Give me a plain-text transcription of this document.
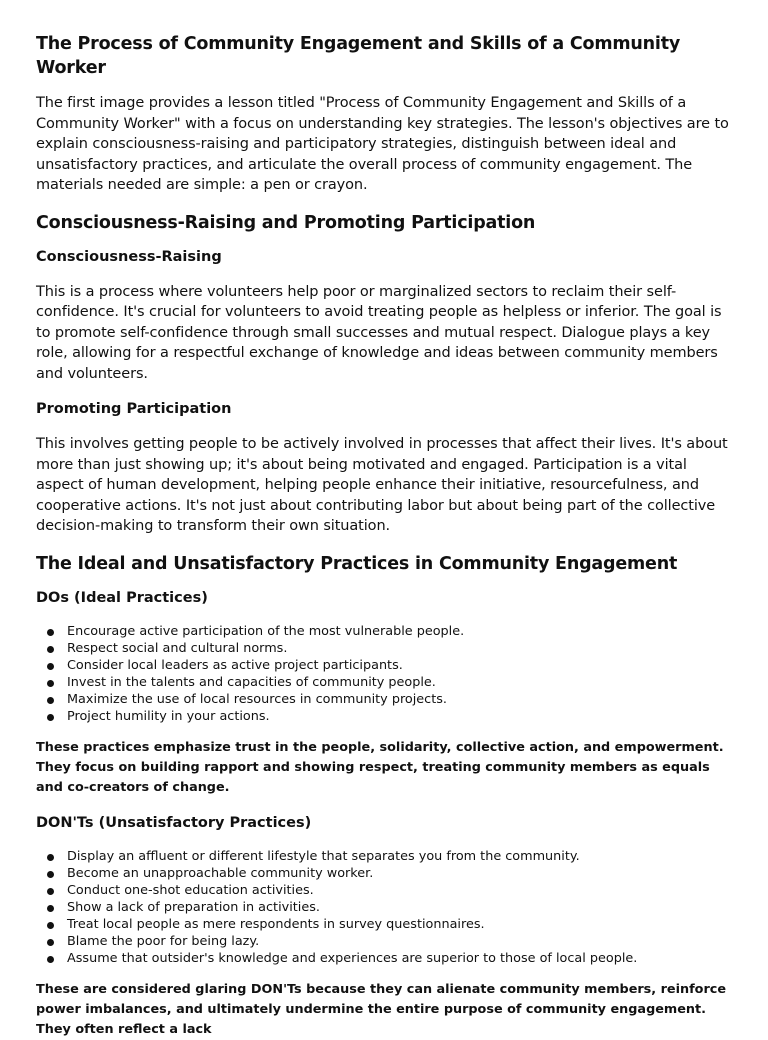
The Process of Community Engagement and Skills of a Community Worker

The first image provides a lesson titled "Process of Community Engagement and Skills of a Community Worker" with a focus on understanding key strategies. The lesson's objectives are to explain consciousness-raising and participatory strategies, distinguish between ideal and unsatisfactory practices, and articulate the overall process of community engagement. The materials needed are simple: a pen or crayon.

Consciousness-Raising and Promoting Participation
Consciousness-Raising

This is a process where volunteers help poor or marginalized sectors to reclaim their self-confidence. It's crucial for volunteers to avoid treating people as helpless or inferior. The goal is to promote self-confidence through small successes and mutual respect. Dialogue plays a key role, allowing for a respectful exchange of knowledge and ideas between community members and volunteers.

Promoting Participation

This involves getting people to be actively involved in processes that affect their lives. It's about more than just showing up; it's about being motivated and engaged. Participation is a vital aspect of human development, helping people enhance their initiative, resourcefulness, and cooperative actions. It's not just about contributing labor but about being part of the collective decision-making to transform their own situation.

The Ideal and Unsatisfactory Practices in Community Engagement
DOs (Ideal Practices)
Encourage active participation of the most vulnerable people.
Respect social and cultural norms.
Consider local leaders as active project participants.
Invest in the talents and capacities of community people.
Maximize the use of local resources in community projects.
Project humility in your actions.

These practices emphasize trust in the people, solidarity, collective action, and empowerment. They focus on building rapport and showing respect, treating community members as equals and co-creators of change.

DON'Ts (Unsatisfactory Practices)
Display an affluent or different lifestyle that separates you from the community.
Become an unapproachable community worker.
Conduct one-shot education activities.
Show a lack of preparation in activities.
Treat local people as mere respondents in survey questionnaires.
Blame the poor for being lazy.
Assume that outsider's knowledge and experiences are superior to those of local people.

These are considered glaring DON'Ts because they can alienate community members, reinforce power imbalances, and ultimately undermine the entire purpose of community engagement. They often reflect a lack
